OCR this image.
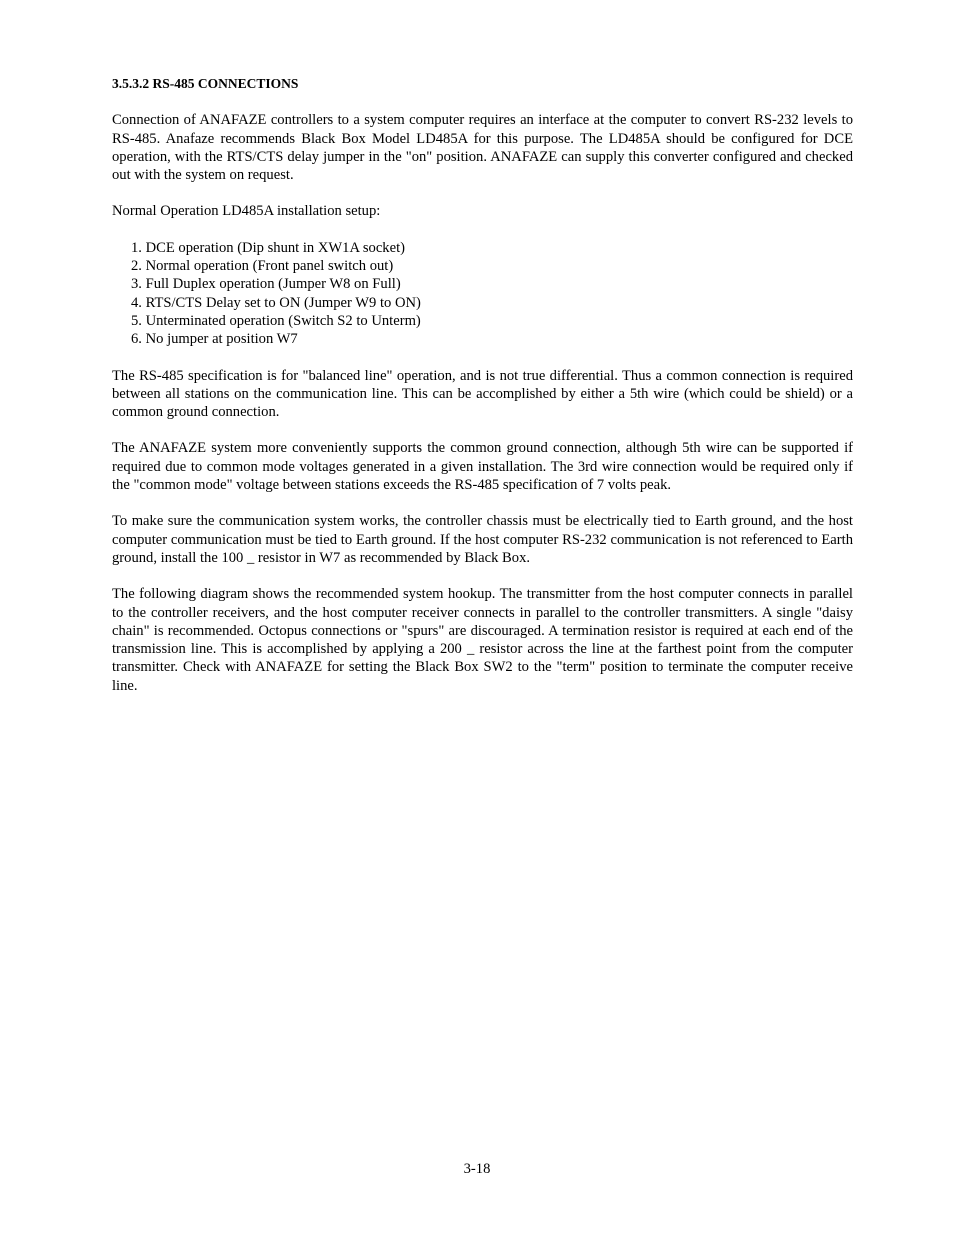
3.5.3.2 RS-485 CONNECTIONS

Connection of ANAFAZE controllers to a system computer requires an interface at the computer to convert RS-232 levels to RS-485. Anafaze recommends Black Box Model LD485A for this purpose. The LD485A should be configured for DCE operation, with the RTS/CTS delay jumper in the "on" position. ANAFAZE can supply this converter configured and checked out with the system on request.

Normal Operation LD485A installation setup:

1. DCE operation (Dip shunt in XW1A socket)
2. Normal operation (Front panel switch out)
3. Full Duplex operation (Jumper W8 on Full)
4. RTS/CTS Delay set to ON (Jumper W9 to ON)
5. Unterminated operation (Switch S2 to Unterm)
6. No jumper at position W7

The RS-485 specification is for "balanced line" operation, and is not true differential. Thus a common connection is required between all stations on the communication line. This can be accomplished by either a 5th wire (which could be shield) or a common ground connection.

The ANAFAZE system more conveniently supports the common ground connection, although 5th wire can be supported if required due to common mode voltages generated in a given installation. The 3rd wire connection would be required only if the "common mode" voltage between stations exceeds the RS-485 specification of 7 volts peak.

To make sure the communication system works, the controller chassis must be electrically tied to Earth ground, and the host computer communication must be tied to Earth ground. If the host computer RS-232 communication is not referenced to Earth ground, install the 100 _ resistor in W7 as recommended by Black Box.

The following diagram shows the recommended system hookup. The transmitter from the host computer connects in parallel to the controller receivers, and the host computer receiver connects in parallel to the controller transmitters. A single "daisy chain" is recommended. Octopus connections or "spurs" are discouraged. A termination resistor is required at each end of the transmission line. This is accomplished by applying a 200 _ resistor across the line at the farthest point from the computer transmitter. Check with ANAFAZE for setting the Black Box SW2 to the "term" position to terminate the computer receive line.

3-18
